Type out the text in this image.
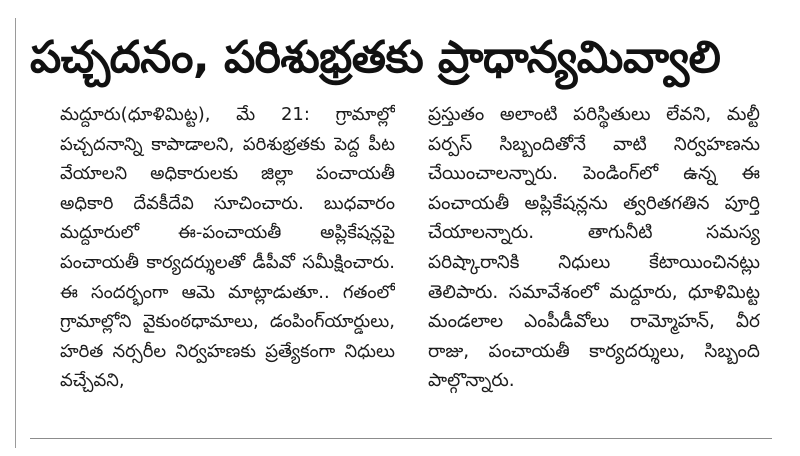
పచ్చదనం, పరిశుభ్రతకు ప్రాధాన్యమివ్వాలి
మద్దూరు(ధూళిమిట్ట), మే 21: గ్రామాల్లో పచ్చదనాన్ని కాపాడాలని, పరిశుభ్రతకు పెద్ద పీట వేయాలని అధికారులకు జిల్లా పంచాయతీ అధికారి దేవకీదేవి సూచించారు. బుధవారం మద్దూరులో ఈ-పంచాయతీ అప్లికేషన్లపై పంచాయతీ కార్యదర్శులతో డీపీవో సమీక్షించారు. ఈ సందర్భంగా ఆమె మాట్లాడుతూ.. గతంలో గ్రామాల్లోని వైకుంఠధామాలు, డంపింగ్‌యార్డులు, హరిత నర్సరీల నిర్వహణకు ప్రత్యేకంగా నిధులు వచ్చేవని,
ప్రస్తుతం అలాంటి పరిస్థితులు లేవని, మల్టీ పర్పస్ సిబ్బందితోనే వాటి నిర్వహణను చేయించాలన్నారు. పెండింగ్‌లో ఉన్న ఈ పంచాయతీ అప్లికేషన్లను త్వరితగతిన పూర్తి చేయాలన్నారు. తాగునీటి సమస్య పరిష్కారానికి నిధులు కేటాయించినట్లు తెలిపారు. సమావేశంలో మద్దూరు, ధూళిమిట్ట మండలాల ఎంపీడీవోలు రామ్మోహన్, వీర రాజు, పంచాయతీ కార్యదర్శులు, సిబ్బంది పాల్గొన్నారు.
